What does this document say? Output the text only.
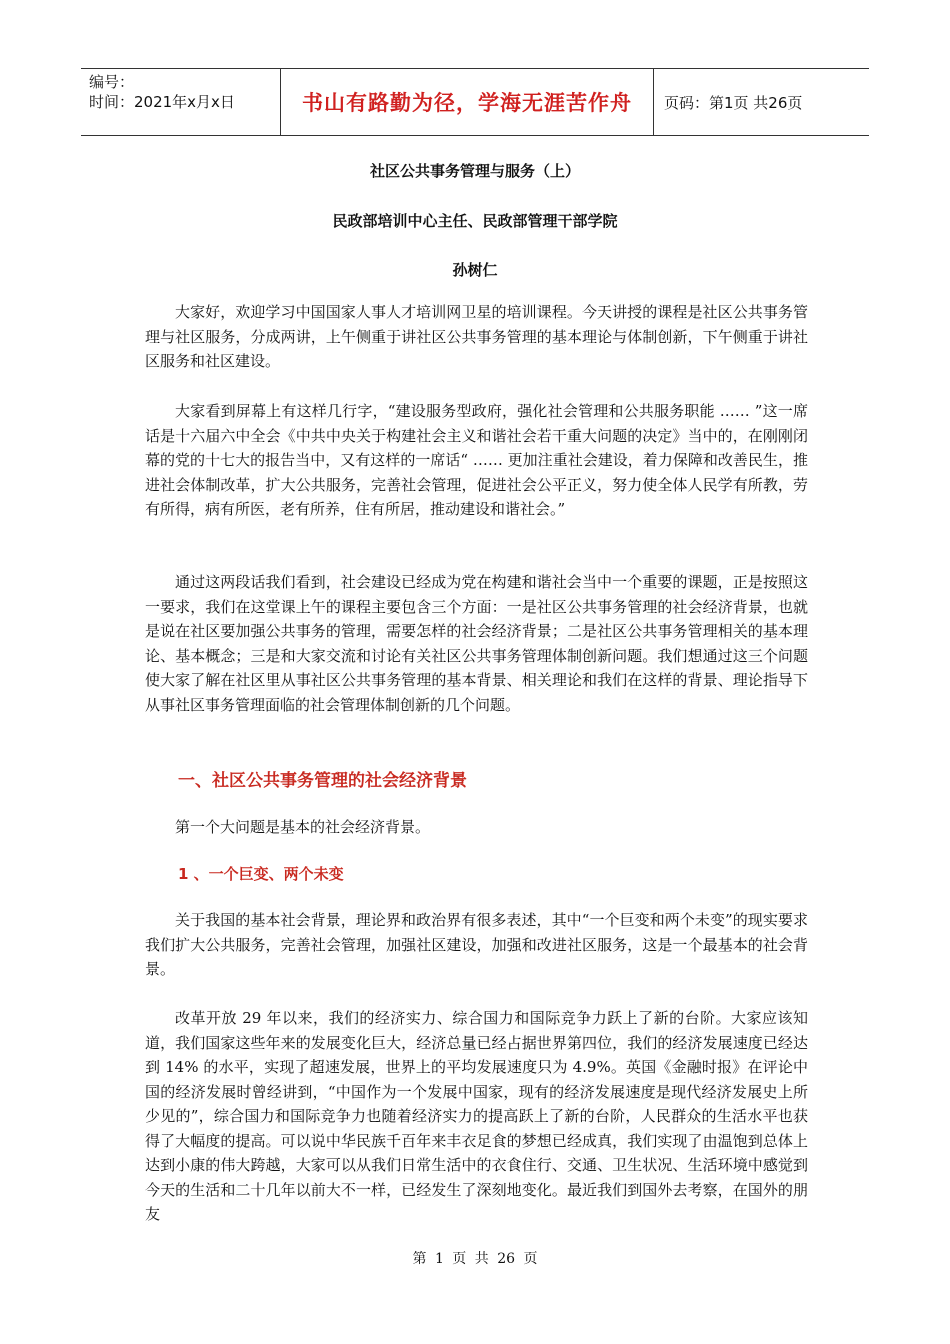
编号：
时间：2021年x月x日	书山有路勤为径，学海无涯苦作舟	页码：第1页 共26页
社区公共事务管理与服务（上）
民政部培训中心主任、民政部管理干部学院
孙树仁
大家好，欢迎学习中国国家人事人才培训网卫星的培训课程。今天讲授的课程是社区公共事务管理与社区服务，分成两讲，上午侧重于讲社区公共事务管理的基本理论与体制创新，下午侧重于讲社区服务和社区建设。
大家看到屏幕上有这样几行字，“建设服务型政府，强化社会管理和公共服务职能 …… ”这一席话是十六届六中全会《中共中央关于构建社会主义和谐社会若干重大问题的决定》当中的，在刚刚闭幕的党的十七大的报告当中，又有这样的一席话“ …… 更加注重社会建设，着力保障和改善民生，推进社会体制改革，扩大公共服务，完善社会管理，促进社会公平正义，努力使全体人民学有所教，劳有所得，病有所医，老有所养，住有所居，推动建设和谐社会。”
通过这两段话我们看到，社会建设已经成为党在构建和谐社会当中一个重要的课题，正是按照这一要求，我们在这堂课上午的课程主要包含三个方面：一是社区公共事务管理的社会经济背景，也就是说在社区要加强公共事务的管理，需要怎样的社会经济背景；二是社区公共事务管理相关的基本理论、基本概念；三是和大家交流和讨论有关社区公共事务管理体制创新问题。我们想通过这三个问题使大家了解在社区里从事社区公共事务管理的基本背景、相关理论和我们在这样的背景、理论指导下从事社区事务管理面临的社会管理体制创新的几个问题。
一、社区公共事务管理的社会经济背景
第一个大问题是基本的社会经济背景。
1 、一个巨变、两个未变
关于我国的基本社会背景，理论界和政治界有很多表述，其中“一个巨变和两个未变”的现实要求我们扩大公共服务，完善社会管理，加强社区建设，加强和改进社区服务，这是一个最基本的社会背景。
改革开放 29 年以来，我们的经济实力、综合国力和国际竞争力跃上了新的台阶。大家应该知道，我们国家这些年来的发展变化巨大，经济总量已经占据世界第四位，我们的经济发展速度已经达到 14% 的水平，实现了超速发展，世界上的平均发展速度只为 4.9%。英国《金融时报》在评论中国的经济发展时曾经讲到，“中国作为一个发展中国家，现有的经济发展速度是现代经济发展史上所少见的”，综合国力和国际竞争力也随着经济实力的提高跃上了新的台阶，人民群众的生活水平也获得了大幅度的提高。可以说中华民族千百年来丰衣足食的梦想已经成真，我们实现了由温饱到总体上达到小康的伟大跨越，大家可以从我们日常生活中的衣食住行、交通、卫生状况、生活环境中感觉到今天的生活和二十几年以前大不一样，已经发生了深刻地变化。最近我们到国外去考察，在国外的朋友
第 1 页 共 26 页
